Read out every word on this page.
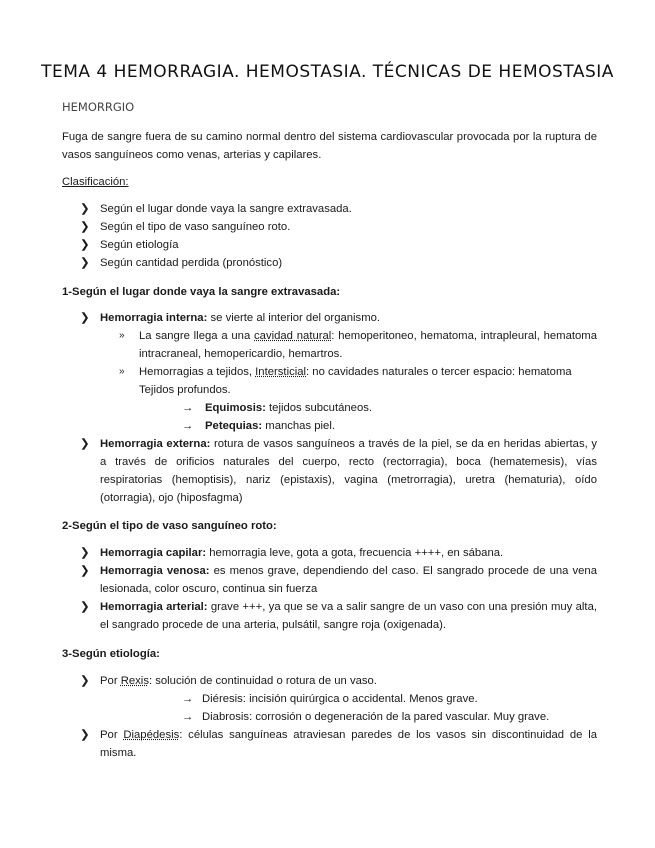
TEMA 4 HEMORRAGIA. HEMOSTASIA. TÉCNICAS DE HEMOSTASIA

HEMORRGIO

Fuga de sangre fuera de su camino normal dentro del sistema cardiovascular provocada por la ruptura de vasos sanguíneos como venas, arterias y capilares.

Clasificación:

❯ Según el lugar donde vaya la sangre extravasada.
❯ Según el tipo de vaso sanguíneo roto.
❯ Según etiología
❯ Según cantidad perdida (pronóstico)

1-Según el lugar donde vaya la sangre extravasada:

❯ Hemorragia interna: se vierte al interior del organismo.
» La sangre llega a una cavidad natural: hemoperitoneo, hematoma, intrapleural, hematoma intracraneal, hemopericardio, hemartros.
» Hemorragias a tejidos, Intersticial: no cavidades naturales o tercer espacio: hematoma Tejidos profundos.
→ Equimosis: tejidos subcutáneos.
→ Petequias: manchas piel.
❯ Hemorragia externa: rotura de vasos sanguíneos a través de la piel, se da en heridas abiertas, y a través de orificios naturales del cuerpo, recto (rectorragia), boca (hematemesis), vías respiratorias (hemoptisis), nariz (epistaxis), vagina (metrorragia), uretra (hematuria), oído (otorragia), ojo (hiposfagma)

2-Según el tipo de vaso sanguíneo roto:

❯ Hemorragia capilar: hemorragia leve, gota a gota, frecuencia ++++, en sábana.
❯ Hemorragia venosa: es menos grave, dependiendo del caso. El sangrado procede de una vena lesionada, color oscuro, continua sin fuerza
❯ Hemorragia arterial: grave +++, ya que se va a salir sangre de un vaso con una presión muy alta, el sangrado procede de una arteria, pulsátil, sangre roja (oxigenada).

3-Según etiología:

❯ Por Rexis: solución de continuidad o rotura de un vaso.
→ Diéresis: incisión quirúrgica o accidental. Menos grave.
→ Diabrosis: corrosión o degeneración de la pared vascular. Muy grave.
❯ Por Diapédesis: células sanguíneas atraviesan paredes de los vasos sin discontinuidad de la misma.
